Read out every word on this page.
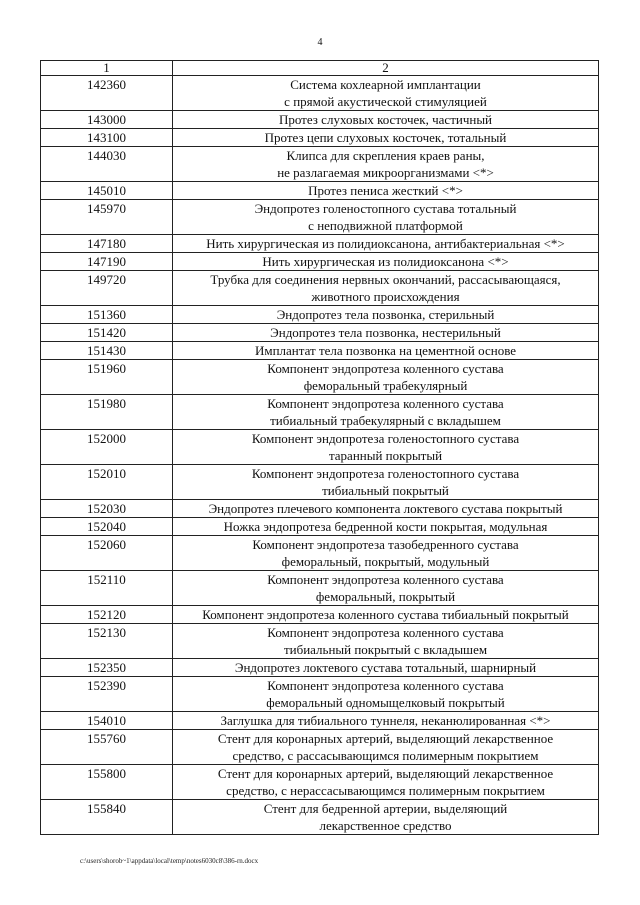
4
1	2
142360	Система кохлеарной имплантации
с прямой акустической стимуляцией

143000	Протез слуховых косточек, частичный

143100	Протез цепи слуховых косточек, тотальный

144030	Клипса для скрепления краев раны,
не разлагаемая микроорганизмами <*>

145010	Протез пениса жесткий <*>

145970	Эндопротез голеностопного сустава тотальный
с неподвижной платформой

147180	Нить хирургическая из полидиоксанона, антибактериальная <*>

147190	Нить хирургическая из полидиоксанона <*>

149720	Трубка для соединения нервных окончаний, рассасывающаяся,
животного происхождения

151360	Эндопротез тела позвонка, стерильный

151420	Эндопротез тела позвонка, нестерильный

151430	Имплантат тела позвонка на цементной основе

151960	Компонент эндопротеза коленного сустава
феморальный трабекулярный

151980	Компонент эндопротеза коленного сустава
тибиальный трабекулярный с вкладышем

152000	Компонент эндопротеза голеностопного сустава
таранный покрытый

152010	Компонент эндопротеза голеностопного сустава
тибиальный покрытый

152030	Эндопротез плечевого компонента локтевого сустава покрытый

152040	Ножка эндопротеза бедренной кости покрытая, модульная

152060	Компонент эндопротеза тазобедренного сустава
феморальный, покрытый, модульный

152110	Компонент эндопротеза коленного сустава
феморальный, покрытый

152120	Компонент эндопротеза коленного сустава тибиальный покрытый

152130	Компонент эндопротеза коленного сустава
тибиальный покрытый с вкладышем

152350	Эндопротез локтевого сустава тотальный, шарнирный

152390	Компонент эндопротеза коленного сустава
феморальный одномыщелковый покрытый

154010	Заглушка для тибиального туннеля, неканюлированная <*>

155760	Стент для коронарных артерий, выделяющий лекарственное
средство, с рассасывающимся полимерным покрытием

155800	Стент для коронарных артерий, выделяющий лекарственное
средство, с нерассасывающимся полимерным покрытием

155840	Стент для бедренной артерии, выделяющий
лекарственное средство
c:\users\shorob~1\appdata\local\temp\notes6030c8\386-rn.docx
